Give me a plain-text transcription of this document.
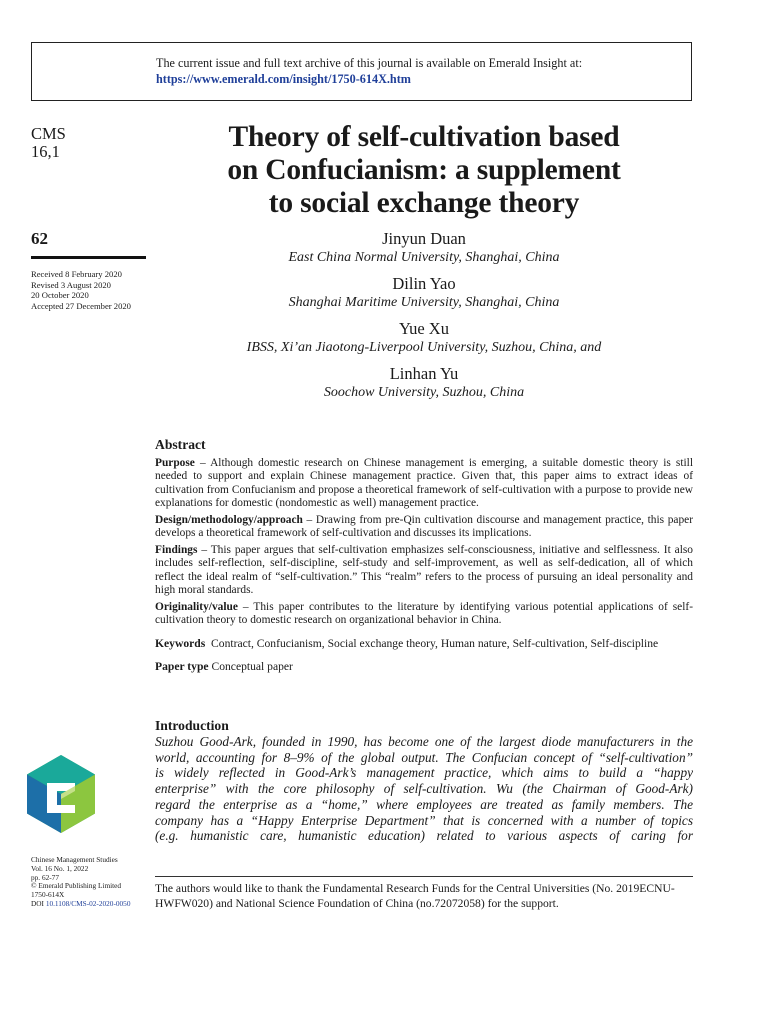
The current issue and full text archive of this journal is available on Emerald Insight at:
https://www.emerald.com/insight/1750-614X.htm
CMS
16,1
62
Received 8 February 2020
Revised 3 August 2020
20 October 2020
Accepted 27 December 2020
Theory of self-cultivation based
on Confucianism: a supplement
to social exchange theory
Jinyun Duan
East China Normal University, Shanghai, China
Dilin Yao
Shanghai Maritime University, Shanghai, China
Yue Xu
IBSS, Xi’an Jiaotong-Liverpool University, Suzhou, China, and
Linhan Yu
Soochow University, Suzhou, China
Abstract

Purpose – Although domestic research on Chinese management is emerging, a suitable domestic theory is still needed to support and explain Chinese management practice. Given that, this paper aims to extract ideas of cultivation from Confucianism and propose a theoretical framework of self-cultivation with a purpose to provide new explanations for domestic (nondomestic as well) management practice.

Design/methodology/approach – Drawing from pre-Qin cultivation discourse and management practice, this paper develops a theoretical framework of self-cultivation and discusses its implications.

Findings – This paper argues that self-cultivation emphasizes self-consciousness, initiative and selflessness. It also includes self-reflection, self-discipline, self-study and self-improvement, as well as self-dedication, all of which reflect the ideal realm of “self-cultivation.” This “realm” refers to the process of pursuing an ideal personality and high moral standards.

Originality/value – This paper contributes to the literature by identifying various potential applications of self-cultivation theory to domestic research on organizational behavior in China.

Keywords Contract, Confucianism, Social exchange theory, Human nature, Self-cultivation, Self-discipline
Paper type Conceptual paper
Introduction

Suzhou Good-Ark, founded in 1990, has become one of the largest diode manufacturers in the

world, accounting for 8–9% of the global output. The Confucian concept of “self-cultivation”

is widely reflected in Good-Ark’s management practice, which aims to build a “happy

enterprise” with the core philosophy of self-cultivation. Wu (the Chairman of Good-Ark)

regard the enterprise as a “home,” where employees are treated as family members. The

company has a “Happy Enterprise Department” that is concerned with a number of topics

(e.g. humanistic care, humanistic education) related to various aspects of caring for

The authors would like to thank the Fundamental Research Funds for the Central Universities (No. 2019ECNU-HWFW020) and National Science Foundation of China (no.72072058) for the support.
Chinese Management Studies
Vol. 16 No. 1, 2022
pp. 62-77
© Emerald Publishing Limited
1750-614X
DOI 10.1108/CMS-02-2020-0050
